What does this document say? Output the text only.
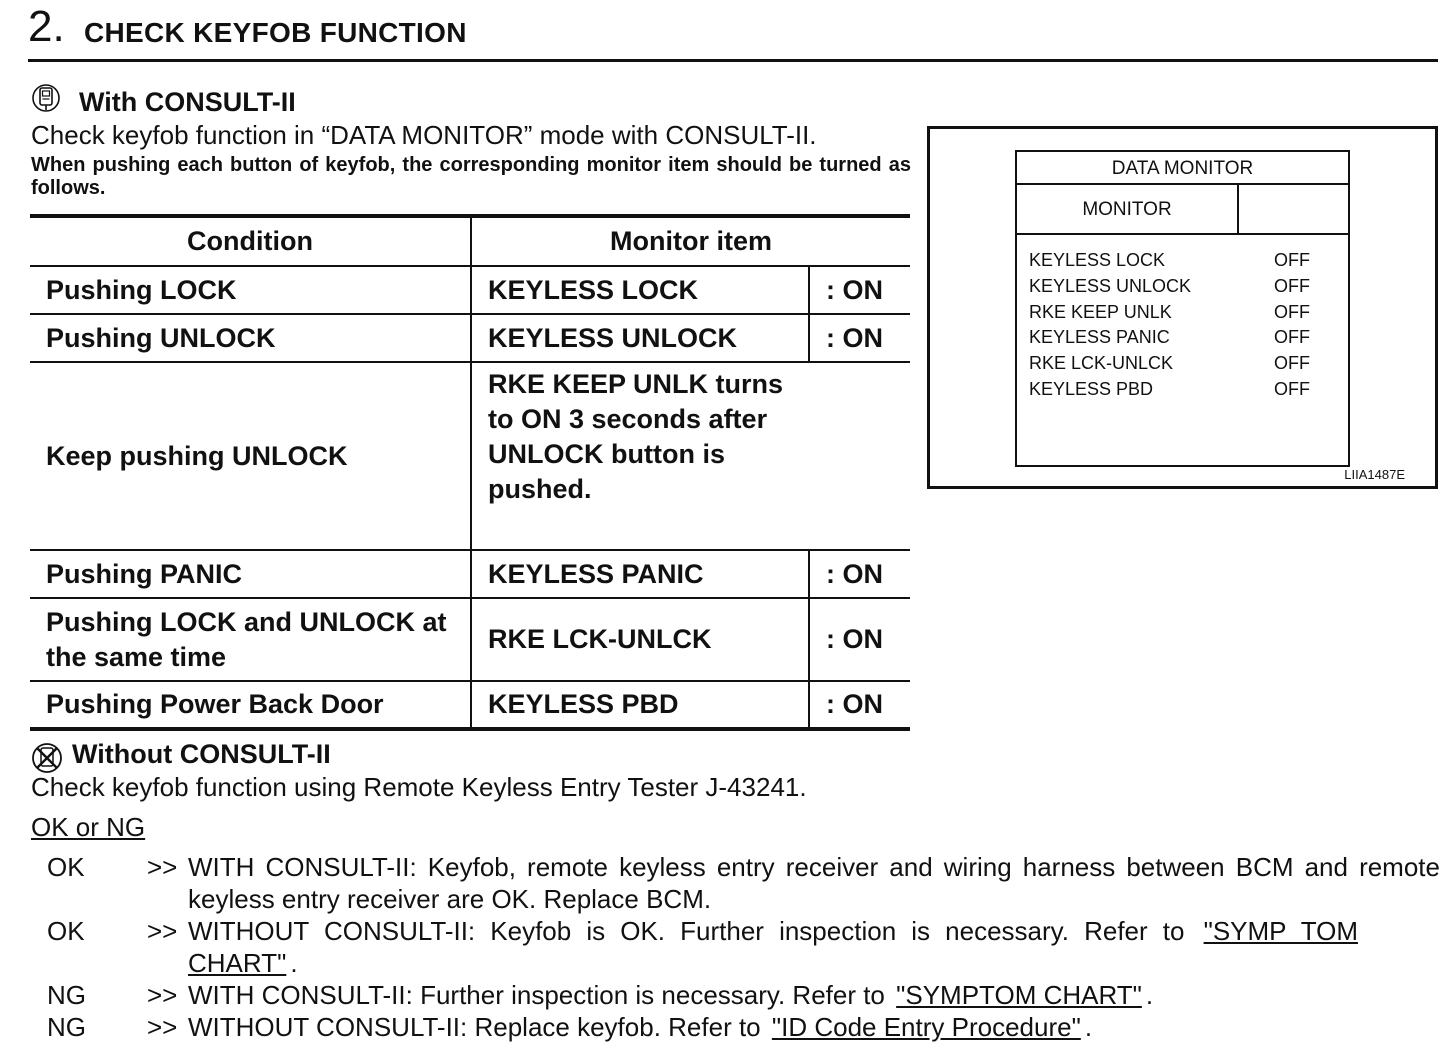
2. CHECK KEYFOB FUNCTION
With CONSULT-II
Check keyfob function in “DATA MONITOR” mode with CONSULT-II.
When pushing each button of keyfob, the corresponding monitor item should be turned as follows.
Condition	Monitor item	
Pushing LOCK	KEYLESS LOCK	: ON
Pushing UNLOCK	KEYLESS UNLOCK	: ON
Keep pushing UNLOCK	RKE KEEP UNLK turns to ON 3 seconds after UNLOCK button is pushed.	
Pushing PANIC	KEYLESS PANIC	: ON
Pushing LOCK and UNLOCK at the same time	RKE LCK-UNLCK	: ON
Pushing Power Back Door	KEYLESS PBD	: ON
DATA MONITOR
MONITOR
KEYLESS LOCK	OFF
KEYLESS UNLOCK	OFF
RKE KEEP UNLK	OFF
KEYLESS PANIC	OFF
RKE LCK-UNLCK	OFF
KEYLESS PBD	OFF
LIIA1487E
Without CONSULT-II
Check keyfob function using Remote Keyless Entry Tester J-43241.
OK or NG
OK >> WITH CONSULT-II: Keyfob, remote keyless entry receiver and wiring harness between BCM and remote keyless entry receiver are OK. Replace BCM.
OK >> WITHOUT CONSULT-II: Keyfob is OK. Further inspection is necessary. Refer to "SYMP TOM CHART" .
NG >> WITH CONSULT-II: Further inspection is necessary. Refer to "SYMPTOM CHART" .
NG >> WITHOUT CONSULT-II: Replace keyfob. Refer to "ID Code Entry Procedure" .
